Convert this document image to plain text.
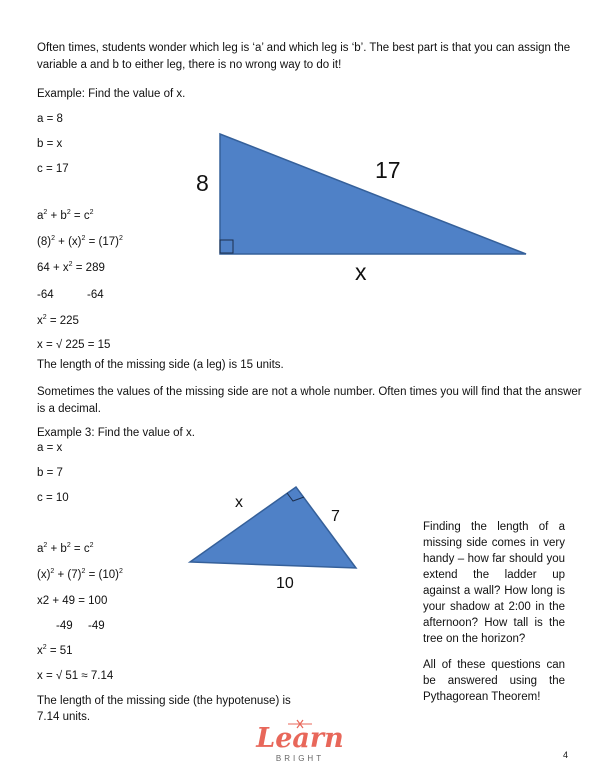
Often times, students wonder which leg is ‘a’ and which leg is ‘b’. The best part is that you can assign the
variable a and b to either leg, there is no wrong way to do it!
Example: Find the value of x.
a = 8
b = x
c = 17
$a^2 + b^2 = c^2$
$(8)^2 + (x)^2 = (17)^2$
$64 + x^2 = 289$
-64	-64
$x^2 = 225$
x = √ 225 = 15
The length of the missing side (a leg) is 15 units.
8	17
x
Sometimes the values of the missing side are not a whole number. Often times you will find that the answer
is a decimal.
Example 3: Find the value of x.
a = x
b = 7
c = 10
$a^2 + b^2 = c^2$
$(x)^2 + (7)^2 = (10)^2$
x2 + 49 = 100
-49 -49
$x^2 = 51$
x = √ 51 ≈ 7.14
The length of the missing side (the hypotenuse) is
7.14 units.
x
7
10

Finding the length of a missing side comes in very handy – how far should you extend the ladder up against a wall? How long is your shadow at 2:00 in the afternoon? How tall is the tree on the horizon?

All of these questions can be answered using the Pythagorean Theorem!

Learn
BRIGHT	4
